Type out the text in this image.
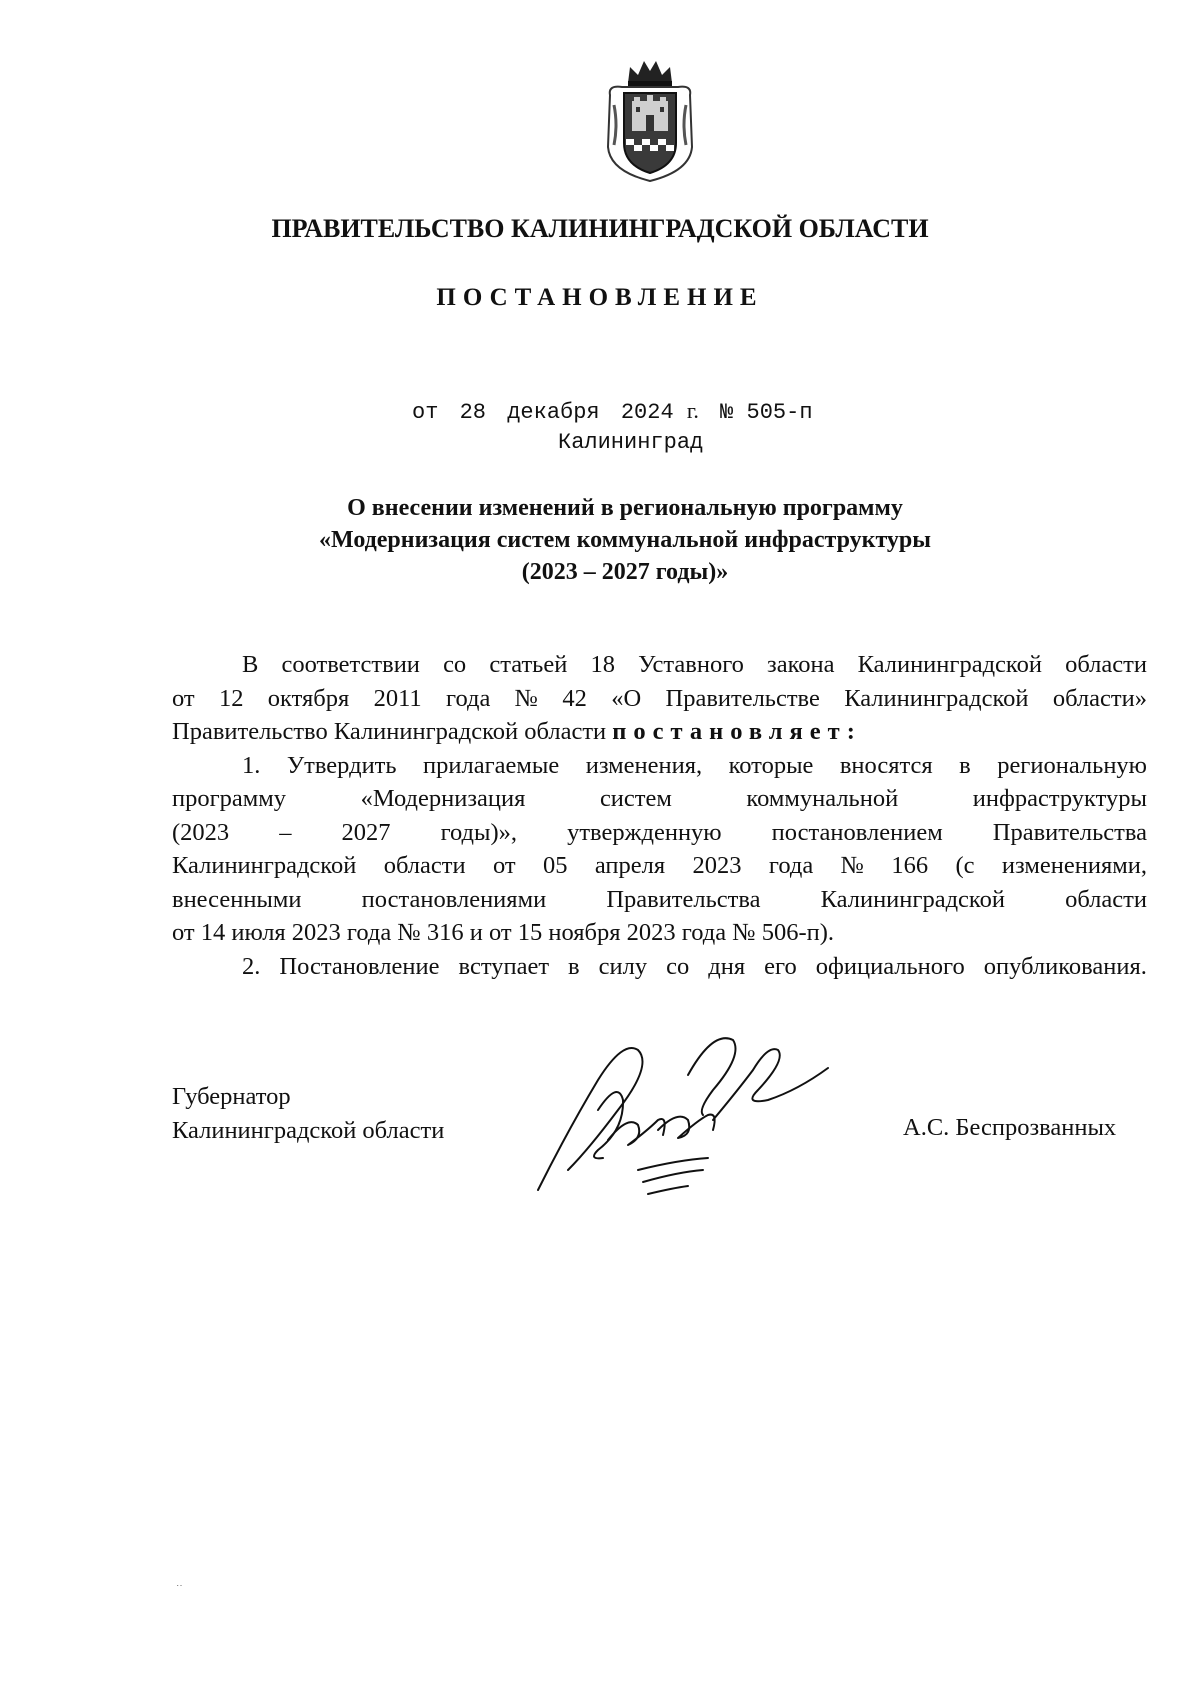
ПРАВИТЕЛЬСТВО КАЛИНИНГРАДСКОЙ ОБЛАСТИ
ПОСТАНОВЛЕНИЕ
от 28 декабря 2024 г. № 505-п
Калининград
О внесении изменений в региональную программу
«Модернизация систем коммунальной инфраструктуры
(2023 – 2027 годы)»
В соответствии со статьей 18 Уставного закона Калининградской области
от 12 октября 2011 года № 42 «О Правительстве Калининградской области»
Правительство Калининградской области постановляет:
1. Утвердить прилагаемые изменения, которые вносятся в региональную
программу	«Модернизация	систем	коммунальной	инфраструктуры
(2023 – 2027 годы)», утвержденную постановлением Правительства
Калининградской области от 05 апреля 2023 года № 166 (с изменениями,
внесенными постановлениями Правительства Калининградской области
от 14 июля 2023 года № 316 и от 15 ноября 2023 года № 506-п).
2. Постановление вступает в силу со дня его официального опубликования.
Губернатор
Калининградской области	А.С. Беспрозванных
‥
